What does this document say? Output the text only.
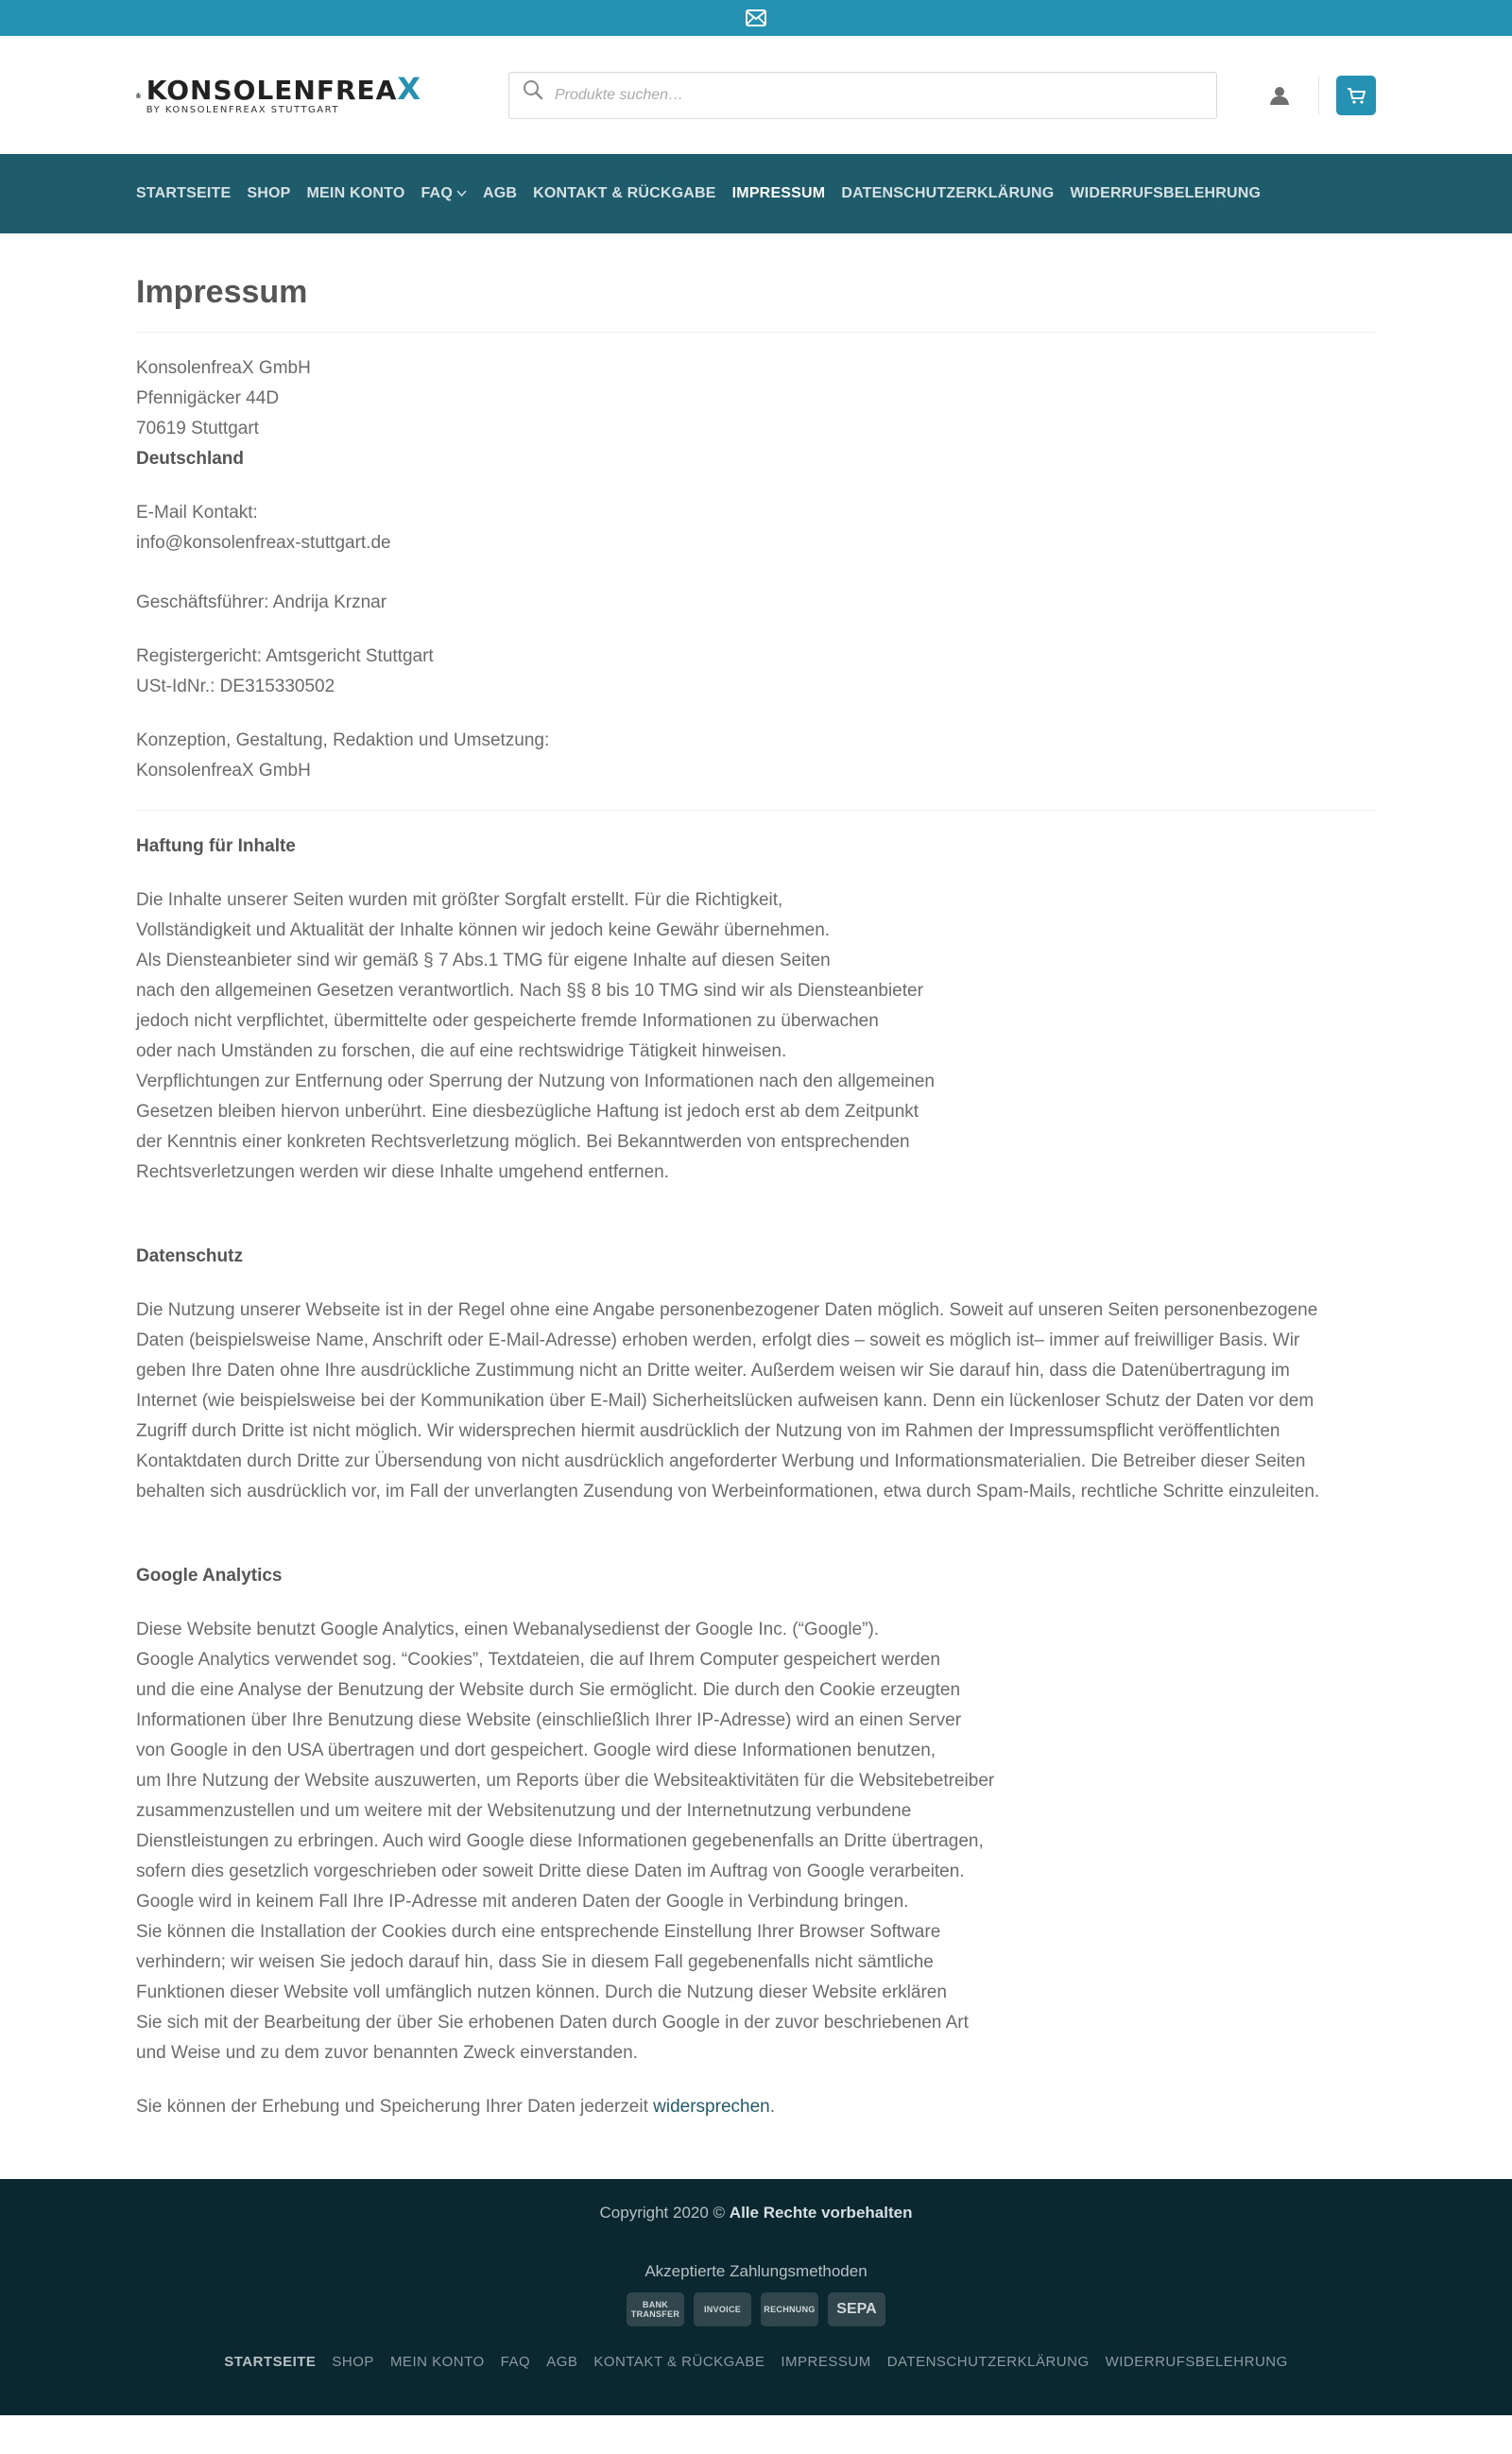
KONSOLENFREAX
BY KONSOLENFREAX STUTTGART
Produkte suchen…
STARTSEITE SHOP MEIN KONTO FAQ AGB KONTAKT & RÜCKGABE IMPRESSUM DATENSCHUTZERKLÄRUNG WIDERRUFSBELEHRUNG
Impressum

KonsolenfreaX GmbH

Pfennigäcker 44D

70619 Stuttgart

Deutschland

E-Mail Kontakt:

info@konsolenfreax-stuttgart.de

Geschäftsführer: Andrija Krznar

Registergericht: Amtsgericht Stuttgart

USt-IdNr.: DE315330502

Konzeption, Gestaltung, Redaktion und Umsetzung:

KonsolenfreaX GmbH

Haftung für Inhalte
Die Inhalte unserer Seiten wurden mit größter Sorgfalt erstellt. Für die Richtigkeit,
Vollständigkeit und Aktualität der Inhalte können wir jedoch keine Gewähr übernehmen.
Als Diensteanbieter sind wir gemäß § 7 Abs.1 TMG für eigene Inhalte auf diesen Seiten
nach den allgemeinen Gesetzen verantwortlich. Nach §§ 8 bis 10 TMG sind wir als Diensteanbieter
jedoch nicht verpflichtet, übermittelte oder gespeicherte fremde Informationen zu überwachen
oder nach Umständen zu forschen, die auf eine rechtswidrige Tätigkeit hinweisen.
Verpflichtungen zur Entfernung oder Sperrung der Nutzung von Informationen nach den allgemeinen
Gesetzen bleiben hiervon unberührt. Eine diesbezügliche Haftung ist jedoch erst ab dem Zeitpunkt
der Kenntnis einer konkreten Rechtsverletzung möglich. Bei Bekanntwerden von entsprechenden
Rechtsverletzungen werden wir diese Inhalte umgehend entfernen.
Datenschutz
Die Nutzung unserer Webseite ist in der Regel ohne eine Angabe personenbezogener Daten möglich. Soweit auf unseren Seiten personenbezogene
Daten (beispielsweise Name, Anschrift oder E-Mail-Adresse) erhoben werden, erfolgt dies – soweit es möglich ist– immer auf freiwilliger Basis. Wir
geben Ihre Daten ohne Ihre ausdrückliche Zustimmung nicht an Dritte weiter. Außerdem weisen wir Sie darauf hin, dass die Datenübertragung im
Internet (wie beispielsweise bei der Kommunikation über E-Mail) Sicherheitslücken aufweisen kann. Denn ein lückenloser Schutz der Daten vor dem
Zugriff durch Dritte ist nicht möglich. Wir widersprechen hiermit ausdrücklich der Nutzung von im Rahmen der Impressumspflicht veröffentlichten
Kontaktdaten durch Dritte zur Übersendung von nicht ausdrücklich angeforderter Werbung und Informationsmaterialien. Die Betreiber dieser Seiten
behalten sich ausdrücklich vor, im Fall der unverlangten Zusendung von Werbeinformationen, etwa durch Spam-Mails, rechtliche Schritte einzuleiten.
Google Analytics
Diese Website benutzt Google Analytics, einen Webanalysedienst der Google Inc. (“Google”).
Google Analytics verwendet sog. “Cookies”, Textdateien, die auf Ihrem Computer gespeichert werden
und die eine Analyse der Benutzung der Website durch Sie ermöglicht. Die durch den Cookie erzeugten
Informationen über Ihre Benutzung diese Website (einschließlich Ihrer IP-Adresse) wird an einen Server
von Google in den USA übertragen und dort gespeichert. Google wird diese Informationen benutzen,
um Ihre Nutzung der Website auszuwerten, um Reports über die Websiteaktivitäten für die Websitebetreiber
zusammenzustellen und um weitere mit der Websitenutzung und der Internetnutzung verbundene
Dienstleistungen zu erbringen. Auch wird Google diese Informationen gegebenenfalls an Dritte übertragen,
sofern dies gesetzlich vorgeschrieben oder soweit Dritte diese Daten im Auftrag von Google verarbeiten.
Google wird in keinem Fall Ihre IP-Adresse mit anderen Daten der Google in Verbindung bringen.
Sie können die Installation der Cookies durch eine entsprechende Einstellung Ihrer Browser Software
verhindern; wir weisen Sie jedoch darauf hin, dass Sie in diesem Fall gegebenenfalls nicht sämtliche
Funktionen dieser Website voll umfänglich nutzen können. Durch die Nutzung dieser Website erklären
Sie sich mit der Bearbeitung der über Sie erhobenen Daten durch Google in der zuvor beschriebenen Art
und Weise und zu dem zuvor benannten Zweck einverstanden.

Sie können der Erhebung und Speicherung Ihrer Daten jederzeit widersprechen.

Copyright 2020 © Alle Rechte vorbehalten
Akzeptierte Zahlungsmethoden
BANK TRANSFER	INVOICE	RECHNUNG	SEPA
STARTSEITE SHOP MEIN KONTO FAQ AGB KONTAKT & RÜCKGABE IMPRESSUM DATENSCHUTZERKLÄRUNG WIDERRUFSBELEHRUNG
